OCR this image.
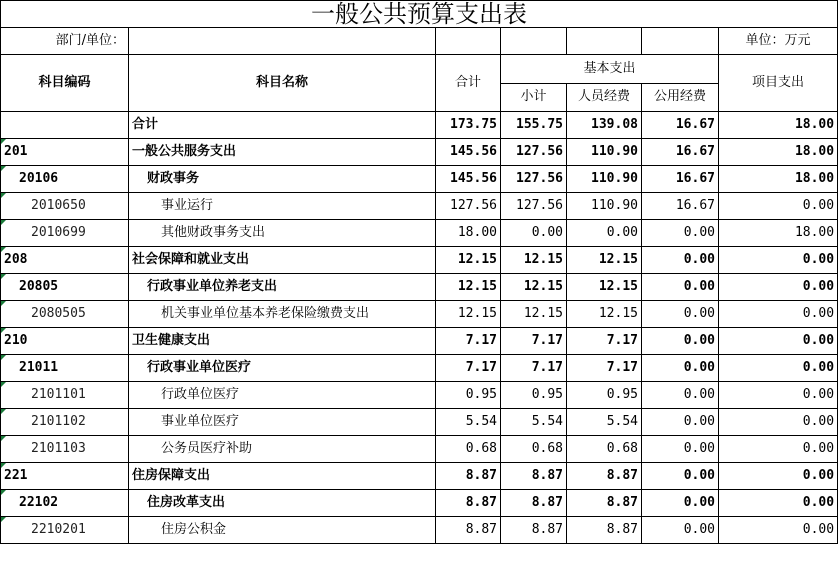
一般公共预算支出表						
部门/单位：						单位：万元
科目编码	科目名称	合计	基本支出			项目支出
			小计	人员经费	公用经费	
	合计	173.75	155.75	139.08	16.67	18.00
201	一般公共服务支出	145.56	127.56	110.90	16.67	18.00
20106	财政事务	145.56	127.56	110.90	16.67	18.00
2010650	事业运行	127.56	127.56	110.90	16.67	0.00
2010699	其他财政事务支出	18.00	0.00	0.00	0.00	18.00
208	社会保障和就业支出	12.15	12.15	12.15	0.00	0.00
20805	行政事业单位养老支出	12.15	12.15	12.15	0.00	0.00
2080505	机关事业单位基本养老保险缴费支出	12.15	12.15	12.15	0.00	0.00
210	卫生健康支出	7.17	7.17	7.17	0.00	0.00
21011	行政事业单位医疗	7.17	7.17	7.17	0.00	0.00
2101101	行政单位医疗	0.95	0.95	0.95	0.00	0.00
2101102	事业单位医疗	5.54	5.54	5.54	0.00	0.00
2101103	公务员医疗补助	0.68	0.68	0.68	0.00	0.00
221	住房保障支出	8.87	8.87	8.87	0.00	0.00
22102	住房改革支出	8.87	8.87	8.87	0.00	0.00
2210201	住房公积金	8.87	8.87	8.87	0.00	0.00
